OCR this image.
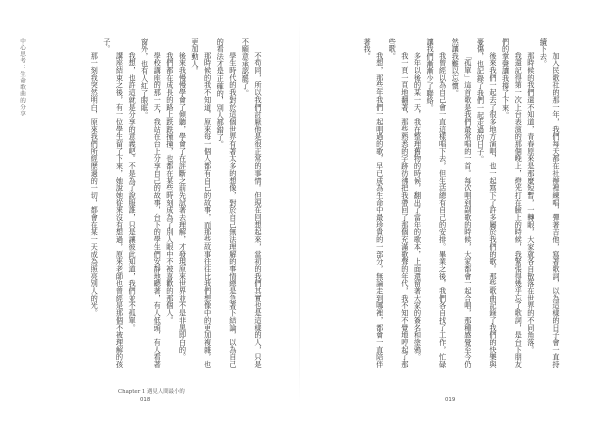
中心思考：生命歌曲的分享	不苟同，所以我們討厭他是很正常的事情。但現在回想起來，當初的我們其實也是這樣的人，只是不願意承認罷了。

學生時代的我對於這個世界有著太多的想像，對於自己無法理解的事情總是急著下結論，以為自己的看法才是正確的，別人都錯了。

那時候的我不知道，原來每一個人都有自己的故事，而那些故事往往比我們想像中的更加複雜，也更加動人。

後來我慢慢學會了傾聽，學會了在評斷之前先試著去理解，才發現原來世界並不是非黑即白的。

我們都在成長的路上跌跌撞撞，也都在某些時刻成為了別人眼中不被喜歡的那個人。

學校講座的那一天，我站在台上分享自己的故事，台下的學生們安靜地聽著，有人低頭，有人看著窗外，也有人紅了眼眶。

我想，也許這就是分享的意義吧。不是為了說服誰，只是讓彼此知道，我們並不孤單。

講座結束之後，有一位學生留了下來，她說她從來沒有想過，原來老師也曾經是那個不被理解的孩子。

那一刻我突然明白，原來我們所經歷過的一切，都會在某一天成為照亮別人的光。

Chapter 1 遇見人間最小的
018

加入民歌社的那一年，我們每天都在社辦裡練唱，彈著吉他，寫著歌詞，以為這樣的日子會一直持續下去。

那時候的我們還不知道，青春原來是那麼短暫，一轉眼，大家就各自散落在世界的不同角落。

我還記得第一次上台表演的那個晚上，燈光打在臉上的時候，我緊張得幾乎忘了歌詞，是台下朋友們的掌聲讓我撐了下來。

後來我們一起去了很多地方演唱，也一起寫下了許多屬於我們的歌。那些歌曲記錄了我們的快樂與憂傷，也記錄了我們一起走過的日子。

「孤單」這首歌是我們最常唱的一首。每次唱到副歌的時候，大家都會一起合唱，那種感覺至今仍然讓我難以忘懷。

我曾經以為自己會一直這樣唱下去，但生活總有自己的安排。畢業之後，我們各自找了工作，忙碌讓我們漸漸少了聯絡。

多年以後的某一天，我在整理舊物的時候，翻出了當年的歌本，上面還留著大家的簽名和塗鴉。

我一頁一頁地翻著，那些熟悉的字跡彷彿把我帶回了那個充滿歌聲的年代，我不知不覺地哼起了那些歌。

我想，那些年我們一起唱過的歌，早已成為生命中最珍貴的一部分，無論走到哪裡，都會一直陪伴著我。

019
